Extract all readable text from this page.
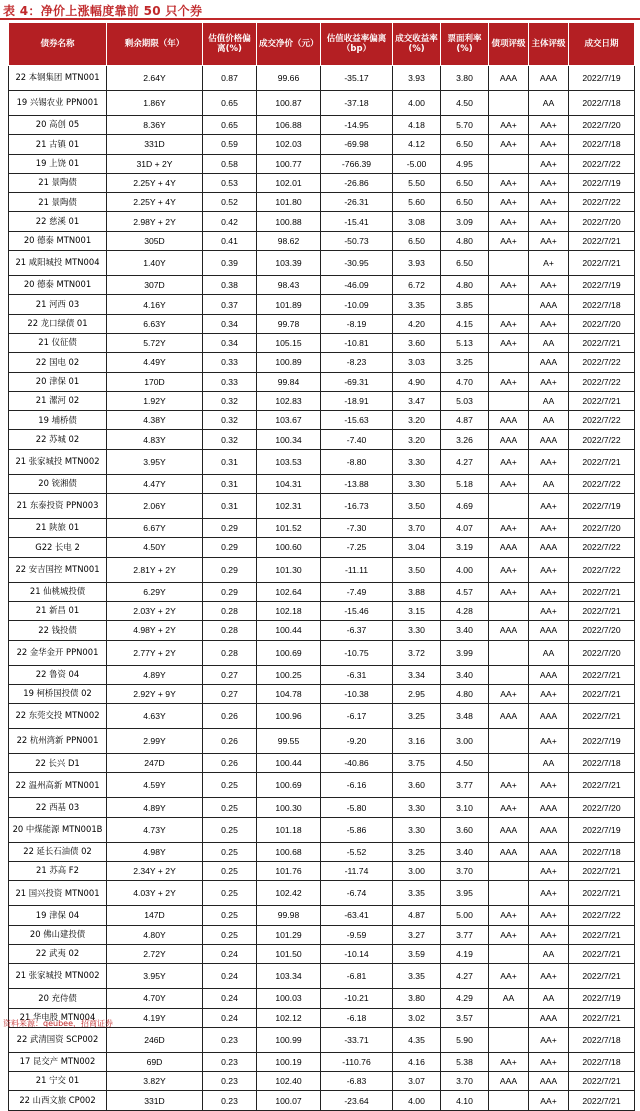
表 4：净价上涨幅度靠前 50 只个券
债券名称	剩余期限（年）	估值价格偏离(%)	成交净价（元）	估值收益率偏离（bp）	成交收益率(%)	票面利率(%)	债项评级	主体评级	成交日期
22 本钢集团 MTN001	2.64Y	0.87	99.66	-35.17	3.93	3.80	AAA	AAA	2022/7/19
19 兴锡农业 PPN001	1.86Y	0.65	100.87	-37.18	4.00	4.50		AA	2022/7/18
20 高创 05	8.36Y	0.65	106.88	-14.95	4.18	5.70	AA+	AA+	2022/7/20
21 古镇 01	331D	0.59	102.03	-69.98	4.12	6.50	AA+	AA+	2022/7/18
19 上饶 01	31D + 2Y	0.58	100.77	-766.39	-5.00	4.95		AA+	2022/7/22
21 景陶债	2.25Y + 4Y	0.53	102.01	-26.86	5.50	6.50	AA+	AA+	2022/7/19
21 景陶债	2.25Y + 4Y	0.52	101.80	-26.31	5.60	6.50	AA+	AA+	2022/7/22
22 慈溪 01	2.98Y + 2Y	0.42	100.88	-15.41	3.08	3.09	AA+	AA+	2022/7/20
20 德泰 MTN001	305D	0.41	98.62	-50.73	6.50	4.80	AA+	AA+	2022/7/21
21 咸阳城投 MTN004	1.40Y	0.39	103.39	-30.95	3.93	6.50		A+	2022/7/21
20 德泰 MTN001	307D	0.38	98.43	-46.09	6.72	4.80	AA+	AA+	2022/7/19
21 河西 03	4.16Y	0.37	101.89	-10.09	3.35	3.85		AAA	2022/7/18
22 龙口绿债 01	6.63Y	0.34	99.78	-8.19	4.20	4.15	AA+	AA+	2022/7/20
21 仪征债	5.72Y	0.34	105.15	-10.81	3.60	5.13	AA+	AA	2022/7/21
22 国电 02	4.49Y	0.33	100.89	-8.23	3.03	3.25		AAA	2022/7/22
20 津保 01	170D	0.33	99.84	-69.31	4.90	4.70	AA+	AA+	2022/7/22
21 漯河 02	1.92Y	0.32	102.83	-18.91	3.47	5.03		AA	2022/7/21
19 埔桥债	4.38Y	0.32	103.67	-15.63	3.20	4.87	AAA	AA	2022/7/22
22 苏城 02	4.83Y	0.32	100.34	-7.40	3.20	3.26	AAA	AAA	2022/7/22
21 张家城投 MTN002	3.95Y	0.31	103.53	-8.80	3.30	4.27	AA+	AA+	2022/7/21
20 铳湘债	4.47Y	0.31	104.31	-13.88	3.30	5.18	AA+	AA	2022/7/22
21 东泰投资 PPN003	2.06Y	0.31	102.31	-16.73	3.50	4.69		AA+	2022/7/19
21 陕旅 01	6.67Y	0.29	101.52	-7.30	3.70	4.07	AA+	AA+	2022/7/20
G22 长电 2	4.50Y	0.29	100.60	-7.25	3.04	3.19	AAA	AAA	2022/7/22
22 安吉国控 MTN001	2.81Y + 2Y	0.29	101.30	-11.11	3.50	4.00	AA+	AA+	2022/7/22
21 仙桃城投债	6.29Y	0.29	102.64	-7.49	3.88	4.57	AA+	AA+	2022/7/21
21 新昌 01	2.03Y + 2Y	0.28	102.18	-15.46	3.15	4.28		AA+	2022/7/21
22 钱投债	4.98Y + 2Y	0.28	100.44	-6.37	3.30	3.40	AAA	AAA	2022/7/20
22 金华金开 PPN001	2.77Y + 2Y	0.28	100.69	-10.75	3.72	3.99		AA	2022/7/20
22 鲁资 04	4.89Y	0.27	100.25	-6.31	3.34	3.40		AAA	2022/7/21
19 柯桥国投债 02	2.92Y + 9Y	0.27	104.78	-10.38	2.95	4.80	AA+	AA+	2022/7/21
22 东莞交投 MTN002	4.63Y	0.26	100.96	-6.17	3.25	3.48	AAA	AAA	2022/7/21
22 杭州湾新 PPN001	2.99Y	0.26	99.55	-9.20	3.16	3.00		AA+	2022/7/19
22 长兴 D1	247D	0.26	100.44	-40.86	3.75	4.50		AA	2022/7/18
22 温州高新 MTN001	4.59Y	0.25	100.69	-6.16	3.60	3.77	AA+	AA+	2022/7/21
22 西基 03	4.89Y	0.25	100.30	-5.80	3.30	3.10	AA+	AAA	2022/7/20
20 中煤能源 MTN001B	4.73Y	0.25	101.18	-5.86	3.30	3.60	AAA	AAA	2022/7/19
22 延长石油债 02	4.98Y	0.25	100.68	-5.52	3.25	3.40	AAA	AAA	2022/7/18
21 苏高 F2	2.34Y + 2Y	0.25	101.76	-11.74	3.00	3.70		AA+	2022/7/21
21 国兴投资 MTN001	4.03Y + 2Y	0.25	102.42	-6.74	3.35	3.95		AA+	2022/7/21
19 津保 04	147D	0.25	99.98	-63.41	4.87	5.00	AA+	AA+	2022/7/22
20 佛山建投债	4.80Y	0.25	101.29	-9.59	3.27	3.77	AA+	AA+	2022/7/21
22 武夷 02	2.72Y	0.24	101.50	-10.14	3.59	4.19		AA	2022/7/21
21 张家城投 MTN002	3.95Y	0.24	103.34	-6.81	3.35	4.27	AA+	AA+	2022/7/21
20 充侍债	4.70Y	0.24	100.03	-10.21	3.80	4.29	AA	AA	2022/7/19
21 华电股 MTN004	4.19Y	0.24	102.12	-6.18	3.02	3.57		AAA	2022/7/21
22 武清国资 SCP002	246D	0.23	100.99	-33.71	4.35	5.90		AA+	2022/7/18
17 昆交产 MTN002	69D	0.23	100.19	-110.76	4.16	5.38	AA+	AA+	2022/7/18
21 宁交 01	3.82Y	0.23	102.40	-6.83	3.07	3.70	AAA	AAA	2022/7/21
22 山西文旅 CP002	331D	0.23	100.07	-23.64	4.00	4.10		AA+	2022/7/21
资料来源：qeubee，招商证券
